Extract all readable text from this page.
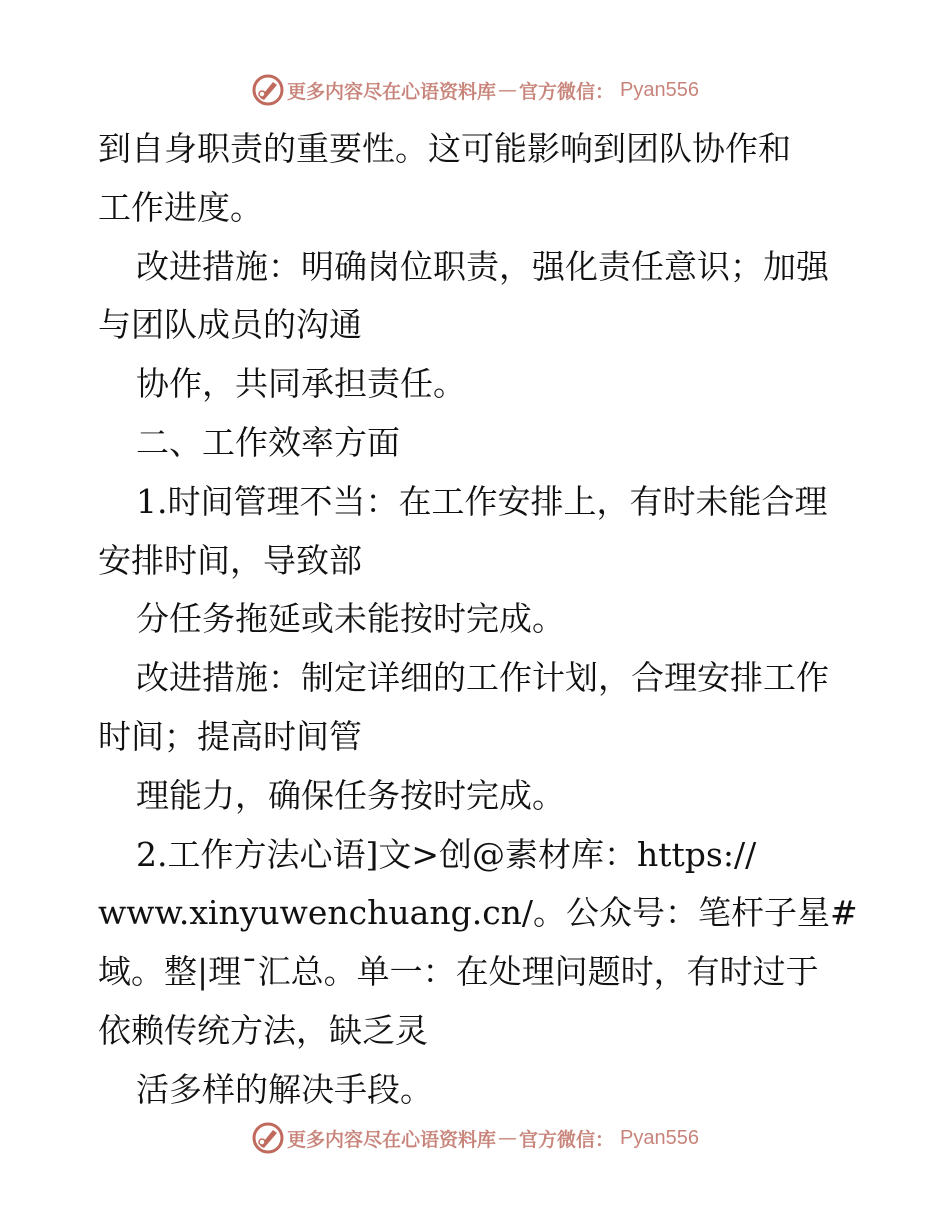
更多内容尽在心语资料库 — 官方微信： Pyan556
到自身职责的重要性。这可能影响到团队协作和
工作进度。
改进措施：明确岗位职责，强化责任意识；加强
与团队成员的沟通
协作，共同承担责任。
二、工作效率方面
1.时间管理不当：在工作安排上，有时未能合理
安排时间，导致部
分任务拖延或未能按时完成。
改进措施：制定详细的工作计划，合理安排工作
时间；提高时间管
理能力，确保任务按时完成。
2.工作方法心语]文>创@素材库：https://
www.xinyuwenchuang.cn/。公众号：笔杆子星#
域。整|理¯汇总。单一：在处理问题时，有时过于
依赖传统方法，缺乏灵
活多样的解决手段。
更多内容尽在心语资料库 — 官方微信： Pyan556
